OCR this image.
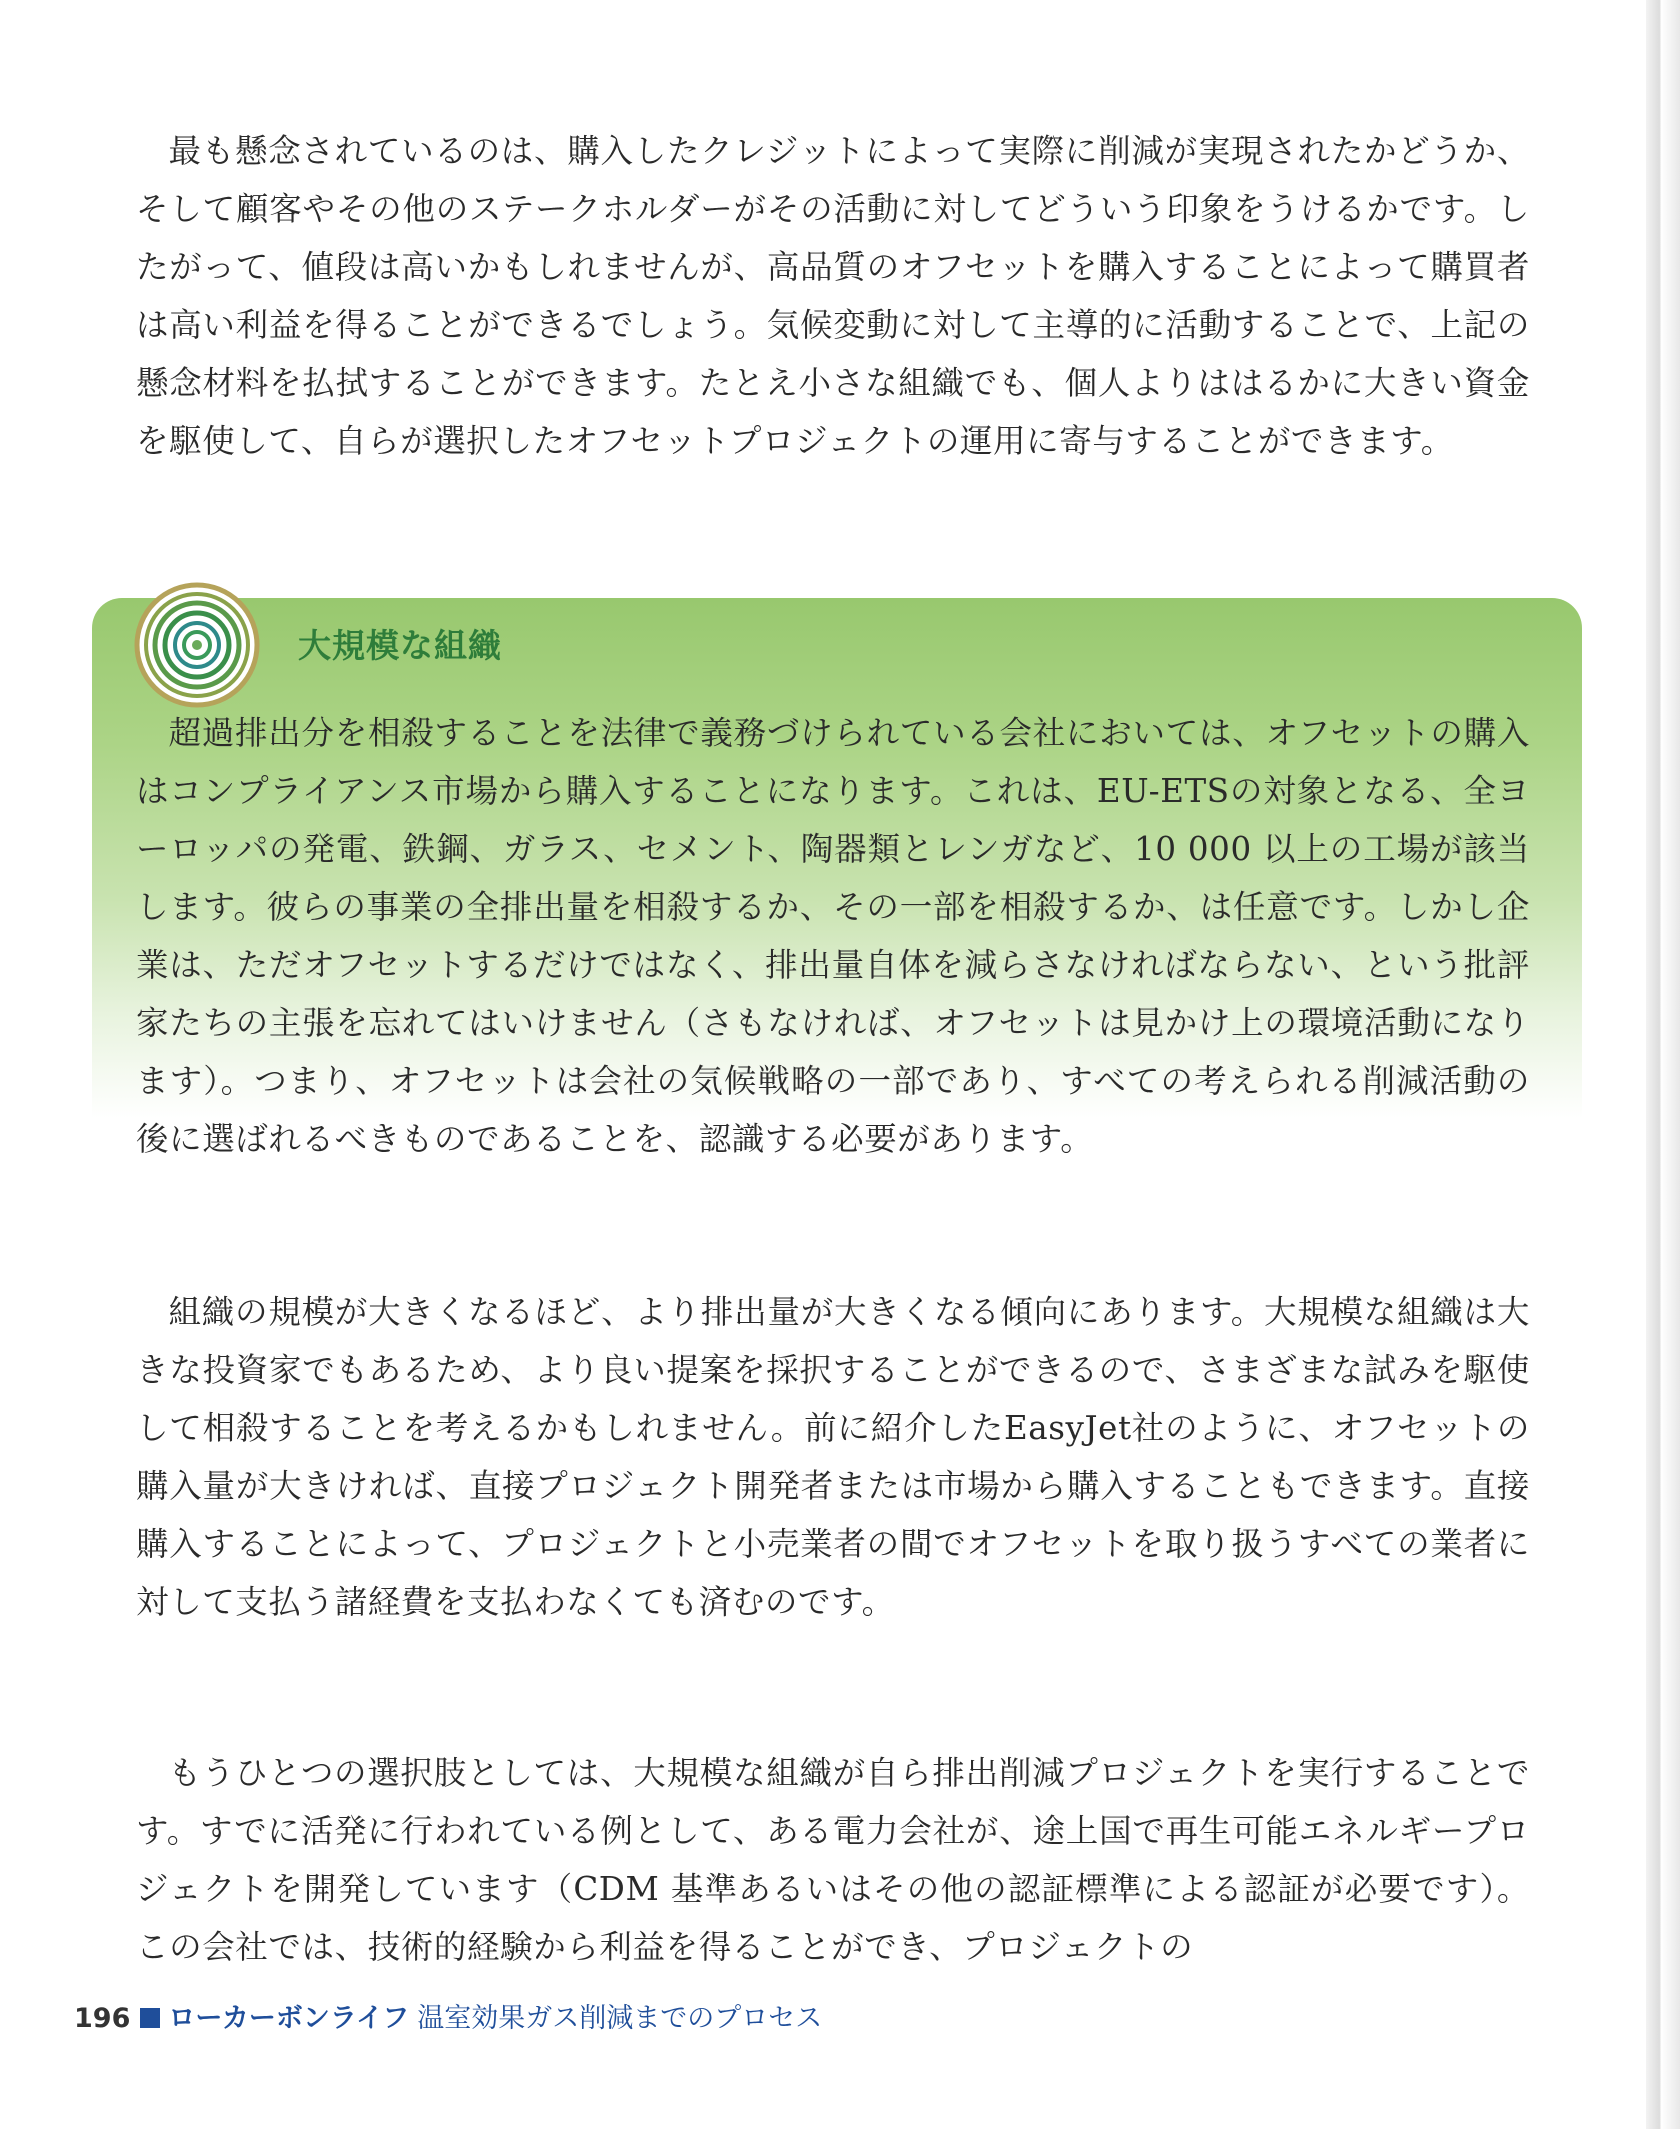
最も懸念されているのは、購入したクレジットによって実際に削減が実現されたかどうか、そして顧客やその他のステークホルダーがその活動に対してどういう印象をうけるかです。したがって、値段は高いかもしれませんが、高品質のオフセットを購入することによって購買者は高い利益を得ることができるでしょう。気候変動に対して主導的に活動することで、上記の懸念材料を払拭することができます。たとえ小さな組織でも、個人よりははるかに大きい資金を駆使して、自らが選択したオフセットプロジェクトの運用に寄与することができます。

大規模な組織

超過排出分を相殺することを法律で義務づけられている会社においては、オフセットの購入はコンプライアンス市場から購入することになります。これは、EU-ETSの対象となる、全ヨーロッパの発電、鉄鋼、ガラス、セメント、陶器類とレンガなど、10 000 以上の工場が該当します。彼らの事業の全排出量を相殺するか、その一部を相殺するか、は任意です。しかし企業は、ただオフセットするだけではなく、排出量自体を減らさなければならない、という批評家たちの主張を忘れてはいけません（さもなければ、オフセットは見かけ上の環境活動になります）。つまり、オフセットは会社の気候戦略の一部であり、すべての考えられる削減活動の後に選ばれるべきものであることを、認識する必要があります。

組織の規模が大きくなるほど、より排出量が大きくなる傾向にあります。大規模な組織は大きな投資家でもあるため、より良い提案を採択することができるので、さまざまな試みを駆使して相殺することを考えるかもしれません。前に紹介したEasyJet社のように、オフセットの購入量が大きければ、直接プロジェクト開発者または市場から購入することもできます。直接購入することによって、プロジェクトと小売業者の間でオフセットを取り扱うすべての業者に対して支払う諸経費を支払わなくても済むのです。

もうひとつの選択肢としては、大規模な組織が自ら排出削減プロジェクトを実行することです。すでに活発に行われている例として、ある電力会社が、途上国で再生可能エネルギープロジェクトを開発しています（CDM 基準あるいはその他の認証標準による認証が必要です）。この会社では、技術的経験から利益を得ることができ、プロジェクトの

196 ローカーボンライフ 温室効果ガス削減までのプロセス
